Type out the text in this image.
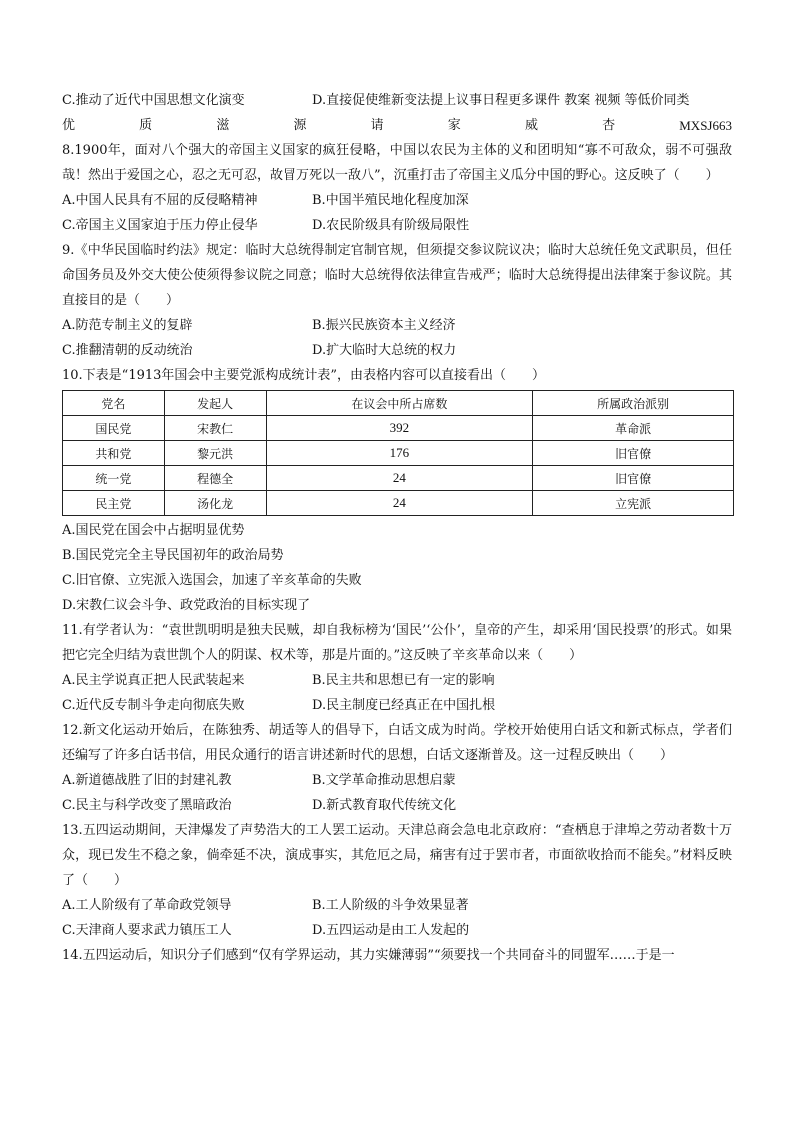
C.推动了近代中国思想文化演变	D.直接促使维新变法提上议事日程更多课件 教案 视频 等低价同类
优	质	滋	源	请	家	威	杏	MXSJ663
8.1900年，面对八个强大的帝国主义国家的疯狂侵略，中国以农民为主体的义和团明知“寡不可敌众，弱不可强敌哉！然出于爱国之心，忍之无可忍，故冒万死以一敌八”，沉重打击了帝国主义瓜分中国的野心。这反映了（　　）
A.中国人民具有不屈的反侵略精神	B.中国半殖民地化程度加深
C.帝国主义国家迫于压力停止侵华	D.农民阶级具有阶级局限性
9.《中华民国临时约法》规定：临时大总统得制定官制官规，但须提交参议院议决；临时大总统任免文武职员，但任命国务员及外交大使公使须得参议院之同意；临时大总统得依法律宣告戒严；临时大总统得提出法律案于参议院。其直接目的是（　　）
A.防范专制主义的复辟	B.振兴民族资本主义经济
C.推翻清朝的反动统治	D.扩大临时大总统的权力
10.下表是“1913年国会中主要党派构成统计表”，由表格内容可以直接看出（　　）
党名	发起人	在议会中所占席数	所属政治派别
国民党	宋教仁	392	革命派
共和党	黎元洪	176	旧官僚
统一党	程德全	24	旧官僚
民主党	汤化龙	24	立宪派
A.国民党在国会中占据明显优势
B.国民党完全主导民国初年的政治局势
C.旧官僚、立宪派入选国会，加速了辛亥革命的失败
D.宋教仁议会斗争、政党政治的目标实现了
11.有学者认为：“袁世凯明明是独夫民贼，却自我标榜为‘国民’‘公仆’，皇帝的产生，却采用‘国民投票’的形式。如果把它完全归结为袁世凯个人的阴谋、权术等，那是片面的。”这反映了辛亥革命以来（　　）
A.民主学说真正把人民武装起来	B.民主共和思想已有一定的影响
C.近代反专制斗争走向彻底失败	D.民主制度已经真正在中国扎根
12.新文化运动开始后，在陈独秀、胡适等人的倡导下，白话文成为时尚。学校开始使用白话文和新式标点，学者们还编写了许多白话书信，用民众通行的语言讲述新时代的思想，白话文逐渐普及。这一过程反映出（　　）
A.新道德战胜了旧的封建礼教	B.文学革命推动思想启蒙
C.民主与科学改变了黑暗政治	D.新式教育取代传统文化
13.五四运动期间，天津爆发了声势浩大的工人罢工运动。天津总商会急电北京政府：“查栖息于津埠之劳动者数十万众，现已发生不稳之象，倘牵延不决，演成事实，其危厄之局，痛害有过于罢市者，市面欲收拾而不能矣。”材料反映了（　　）
A.工人阶级有了革命政党领导	B.工人阶级的斗争效果显著
C.天津商人要求武力镇压工人	D.五四运动是由工人发起的
14.五四运动后，知识分子们感到“仅有学界运动，其力实嫌薄弱”“须要找一个共同奋斗的同盟军……于是一
